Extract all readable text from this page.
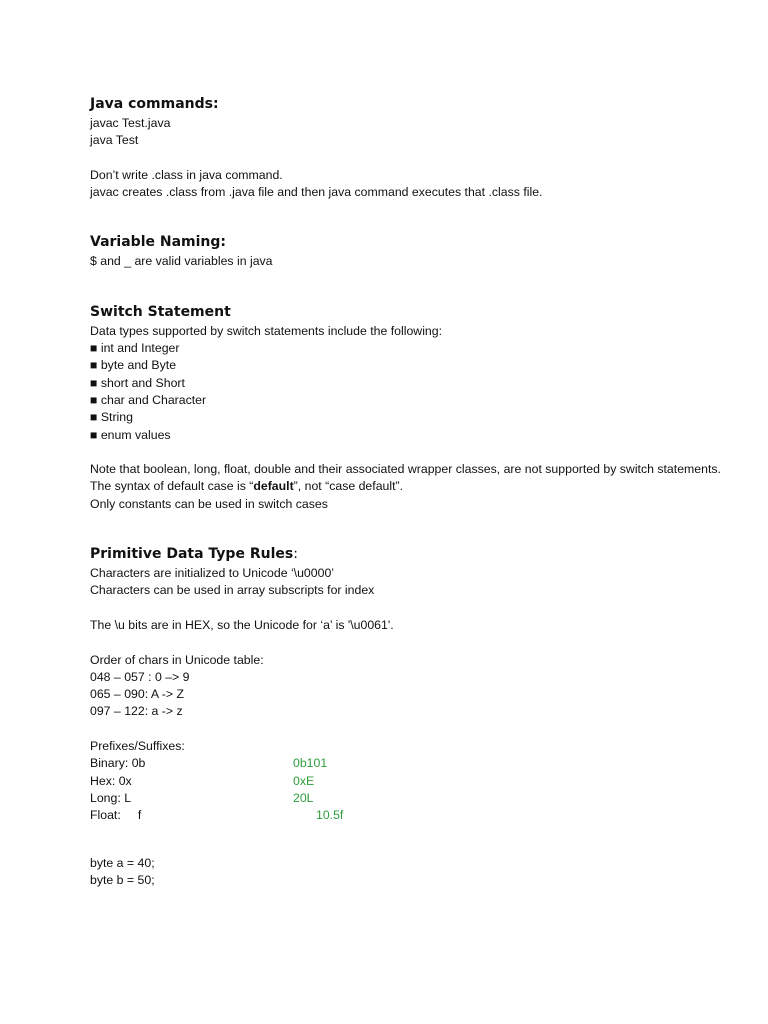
Java commands:
javac Test.java
java Test
Don’t write .class in java command.
javac creates .class from .java file and then java command executes that .class file.
Variable Naming:
$ and _ are valid variables in java
Switch Statement
Data types supported by switch statements include the following:
■ int and Integer
■ byte and Byte
■ short and Short
■ char and Character
■ String
■ enum values
Note that boolean, long, float, double and their associated wrapper classes, are not supported by switch statements.
The syntax of default case is “default”, not “case default”.
Only constants can be used in switch cases
Primitive Data Type Rules:
Characters are initialized to Unicode ‘\u0000’
Characters can be used in array subscripts for index
The \u bits are in HEX, so the Unicode for ‘a’ is '\u0061'.
Order of chars in Unicode table:
048 – 057 : 0 –> 9
065 – 090: A -> Z
097 – 122: a -> z
Prefixes/Suffixes:
Binary: 0b	0b101
Hex: 0x	0xE
Long: L	20L
Float:     f	10.5f
byte a = 40;
byte b = 50;
